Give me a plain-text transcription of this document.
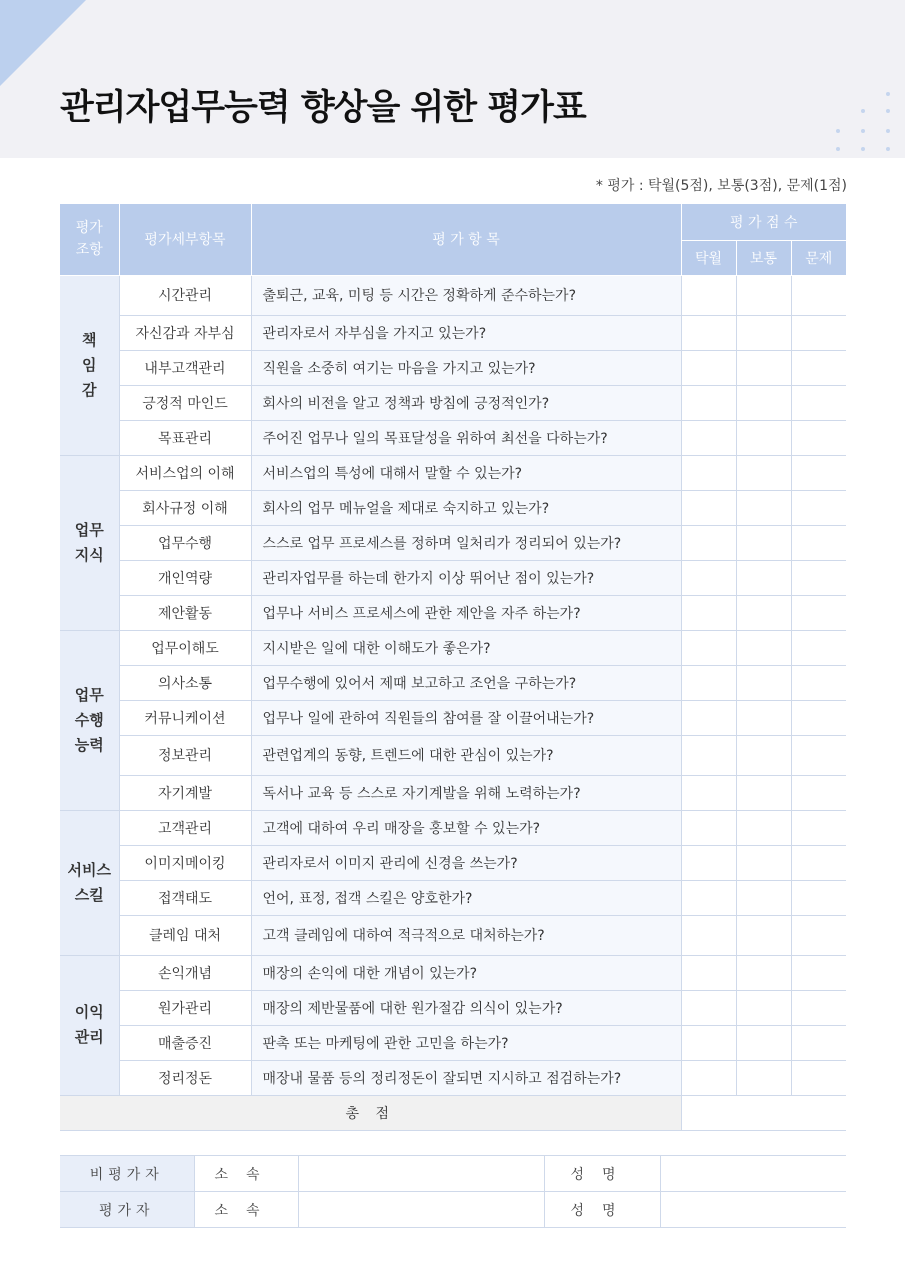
관리자업무능력 향상을 위한 평가표
* 평가 : 탁월(5점), 보통(3점), 문제(1점)
평가
조항	평가세부항목	평 가 항 목	평 가 점 수		
			탁월	보통	문제
책
임
감	시간관리	출퇴근, 교육, 미팅 등 시간은 정확하게 준수하는가?			
	자신감과 자부심	관리자로서 자부심을 가지고 있는가?			
	내부고객관리	직원을 소중히 여기는 마음을 가지고 있는가?			
	긍정적 마인드	회사의 비전을 알고 정책과 방침에 긍정적인가?			
	목표관리	주어진 업무나 일의 목표달성을 위하여 최선을 다하는가?			
업무
지식	서비스업의 이해	서비스업의 특성에 대해서 말할 수 있는가?			
	회사규정 이해	회사의 업무 메뉴얼을 제대로 숙지하고 있는가?			
	업무수행	스스로 업무 프로세스를 정하며 일처리가 정리되어 있는가?			
	개인역량	관리자업무를 하는데 한가지 이상 뛰어난 점이 있는가?			
	제안활동	업무나 서비스 프로세스에 관한 제안을 자주 하는가?			
업무
수행
능력	업무이해도	지시받은 일에 대한 이해도가 좋은가?			
	의사소통	업무수행에 있어서 제때 보고하고 조언을 구하는가?			
	커뮤니케이션	업무나 일에 관하여 직원들의 참여를 잘 이끌어내는가?			
	정보관리	관련업계의 동향, 트렌드에 대한 관심이 있는가?			
	자기계발	독서나 교육 등 스스로 자기계발을 위해 노력하는가?			
서비스
스킬	고객관리	고객에 대하여 우리 매장을 홍보할 수 있는가?			
	이미지메이킹	관리자로서 이미지 관리에 신경을 쓰는가?			
	접객태도	언어, 표정, 접객 스킬은 양호한가?			
	클레임 대처	고객 클레임에 대하여 적극적으로 대처하는가?			
이익
관리	손익개념	매장의 손익에 대한 개념이 있는가?			
	원가관리	매장의 제반물품에 대한 원가절감 의식이 있는가?			
	매출증진	판촉 또는 마케팅에 관한 고민을 하는가?			
	정리정돈	매장내 물품 등의 정리정돈이 잘되면 지시하고 점검하는가?			
총 점					
비평가자	소속		성명	
평가자	소속		성명	
